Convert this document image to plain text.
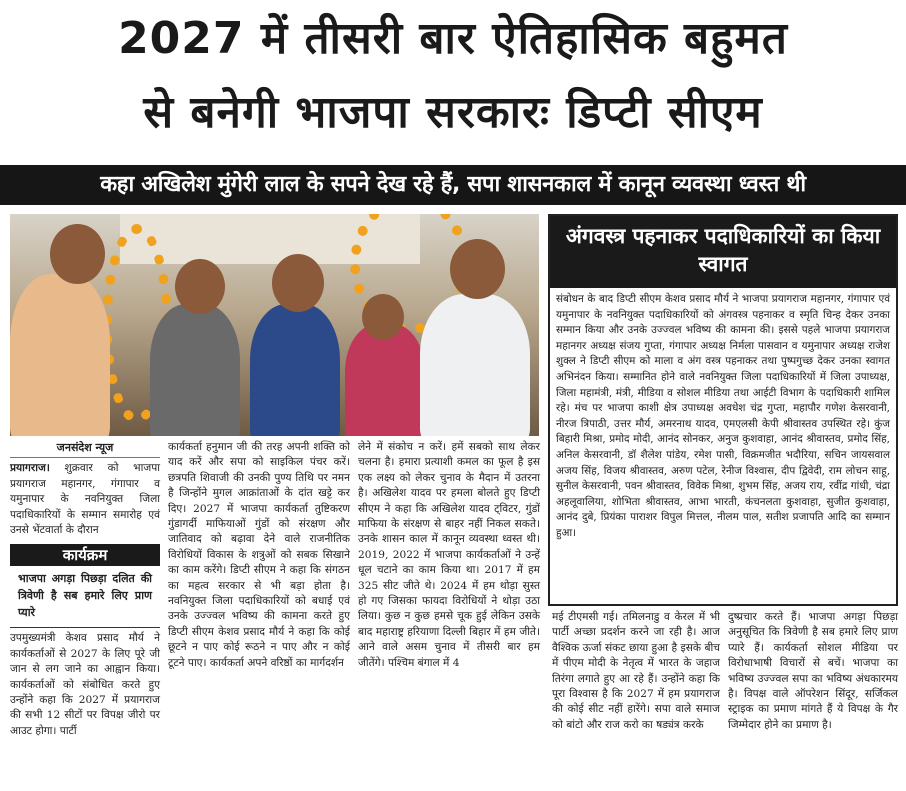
2027 में तीसरी बार ऐतिहासिक बहुमत
से बनेगी भाजपा सरकारः डिप्टी सीएम
कहा अखिलेश मुंगेरी लाल के सपने देख रहे हैं, सपा शासनकाल में कानून व्यवस्था ध्वस्त थी
अंगवस्त्र पहनाकर पदाधिकारियों का किया स्वागत
संबोधन के बाद डिप्टी सीएम केशव प्रसाद मौर्य ने भाजपा प्रयागराज महानगर, गंगापार एवं यमुनापार के नवनियुक्त पदाधिकारियों को अंगवस्त्र पहनाकर व स्मृति चिन्ह देकर उनका सम्मान किया और उनके उज्ज्वल भविष्य की कामना की। इससे पहले भाजपा प्रयागराज महानगर अध्यक्ष संजय गुप्ता, गंगापार अध्यक्ष निर्मला पासवान व यमुनापार अध्यक्ष राजेश शुक्ल ने डिप्टी सीएम को माला व अंग वस्त्र पहनाकर तथा पुष्पगुच्छ देकर उनका स्वागत अभिनंदन किया। सम्मानित होने वाले नवनियुक्त जिला पदाधिकारियों में जिला उपाध्यक्ष, जिला महामंत्री, मंत्री, मीडिया व सोशल मीडिया तथा आईटी विभाग के पदाधिकारी शामिल रहे। मंच पर भाजपा काशी क्षेत्र उपाध्यक्ष अवधेश चंद्र गुप्ता, महापौर गणेश केसरवानी, नीरज त्रिपाठी, उत्तर मौर्य, अमरनाथ यादव, एमएलसी केपी श्रीवास्तव उपस्थित रहे। कुंज बिहारी मिश्रा, प्रमोद मोदी, आनंद सोनकर, अनुज कुशवाहा, आनंद श्रीवास्तव, प्रमोद सिंह, अनिल केसरवानी, डॉ शैलेश पांडेय, रमेश पासी, विक्रमजीत भदौरिया, सचिन जायसवाल अजय सिंह, विजय श्रीवास्तव, अरुण पटेल, रेनीज विश्वास, दीप द्विवेदी, राम लोचन साहू, सुनील केसरवानी, पवन श्रीवास्तव, विवेक मिश्रा, शुभम सिंह, अजय राय, रवींद्र गांधी, चंद्रा अहलूवालिया, शोभिता श्रीवास्तव, आभा भारती, कंचनलता कुशवाहा, सुजीत कुशवाहा, आनंद दुबे, प्रियंका पाराशर विपुल मित्तल, नीलम पाल, सतीश प्रजापति आदि का सम्मान हुआ।
जनसंदेश न्यूज

प्रयागराज। शुक्रवार को भाजपा प्रयागराज महानगर, गंगापार व यमुनापार के नवनियुक्त जिला पदाधिकारियों के सम्मान समारोह एवं उनसे भेंटवार्ता के दौरान

कार्यक्रम
भाजपा अगड़ा पिछड़ा दलित की त्रिवेणी है सब हमारे लिए प्राण प्यारे

उपमुख्यमंत्री केशव प्रसाद मौर्य ने कार्यकर्ताओं से 2027 के लिए पूरे जी जान से लग जाने का आह्वान किया। कार्यकर्ताओं को संबोधित करते हुए उन्होंने कहा कि 2027 में प्रयागराज की सभी 12 सीटों पर विपक्ष जीरो पर आउट होगा। पार्टी

कार्यकर्ता हनुमान जी की तरह अपनी शक्ति को याद करें और सपा को साइकिल पंचर करें। छत्रपति शिवाजी की उनकी पुण्य तिथि पर नमन है जिन्होंने मुगल आक्रांताओं के दांत खट्टे कर दिए। 2027 में भाजपा कार्यकर्ता तुष्टिकरण गुंडागर्दी माफियाओं गुंडों को संरक्षण और जातिवाद को बढ़ावा देने वाले राजनीतिक विरोधियों विकास के शत्रुओं को सबक सिखाने का काम करेंगे। डिप्टी सीएम ने कहा कि संगठन का महत्व सरकार से भी बड़ा होता है। नवनियुक्त जिला पदाधिकारियों को बधाई एवं उनके उज्ज्वल भविष्य की कामना करते हुए डिप्टी सीएम केशव प्रसाद मौर्य ने कहा कि कोई छूटने न पाए कोई रूठने न पाए और न कोई टूटने पाए। कार्यकर्ता अपने वरिष्ठों का मार्गदर्शन

लेने में संकोच न करें। हमें सबको साथ लेकर चलना है। हमारा प्रत्याशी कमल का फूल है इस एक लक्ष्य को लेकर चुनाव के मैदान में उतरना है। अखिलेश यादव पर हमला बोलते हुए डिप्टी सीएम ने कहा कि अखिलेश यादव ट्विटर, गुंडों माफिया के संरक्षण से बाहर नहीं निकल सकते। उनके शासन काल में कानून व्यवस्था ध्वस्त थी। 2019, 2022 में भाजपा कार्यकर्ताओं ने उन्हें धूल चटाने का काम किया था। 2017 में हम 325 सीट जीते थे। 2024 में हम थोड़ा सुस्त हो गए जिसका फायदा विरोधियों ने थोड़ा उठा लिया। कुछ न कुछ हमसे चूक हुई लेकिन उसके बाद महाराष्ट्र हरियाणा दिल्ली बिहार में हम जीते। आने वाले असम चुनाव में तीसरी बार हम जीतेंगे। पश्चिम बंगाल में 4

मई टीएमसी गई। तमिलनाडु व केरल में भी पार्टी अच्छा प्रदर्शन करने जा रही है। आज वैश्विक ऊर्जा संकट छाया हुआ है इसके बीच में पीएम मोदी के नेतृत्व में भारत के जहाज तिरंगा लगाते हुए आ रहे हैं। उन्होंने कहा कि पूरा विश्वास है कि 2027 में हम प्रयागराज की कोई सीट नहीं हारेंगे। सपा वाले समाज को बांटो और राज करो का षड्यंत्र करके

दुष्प्रचार करते हैं। भाजपा अगड़ा पिछड़ा अनुसूचित कि त्रिवेणी है सब हमारे लिए प्राण प्यारे हैं। कार्यकर्ता सोशल मीडिया पर विरोधाभाषी विचारों से बचें। भाजपा का भविष्य उज्ज्वल सपा का भविष्य अंधकारमय है। विपक्ष वाले ऑपरेशन सिंदूर, सर्जिकल स्ट्राइक का प्रमाण मांगते हैं ये विपक्ष के गैर जिम्मेदार होने का प्रमाण है।
